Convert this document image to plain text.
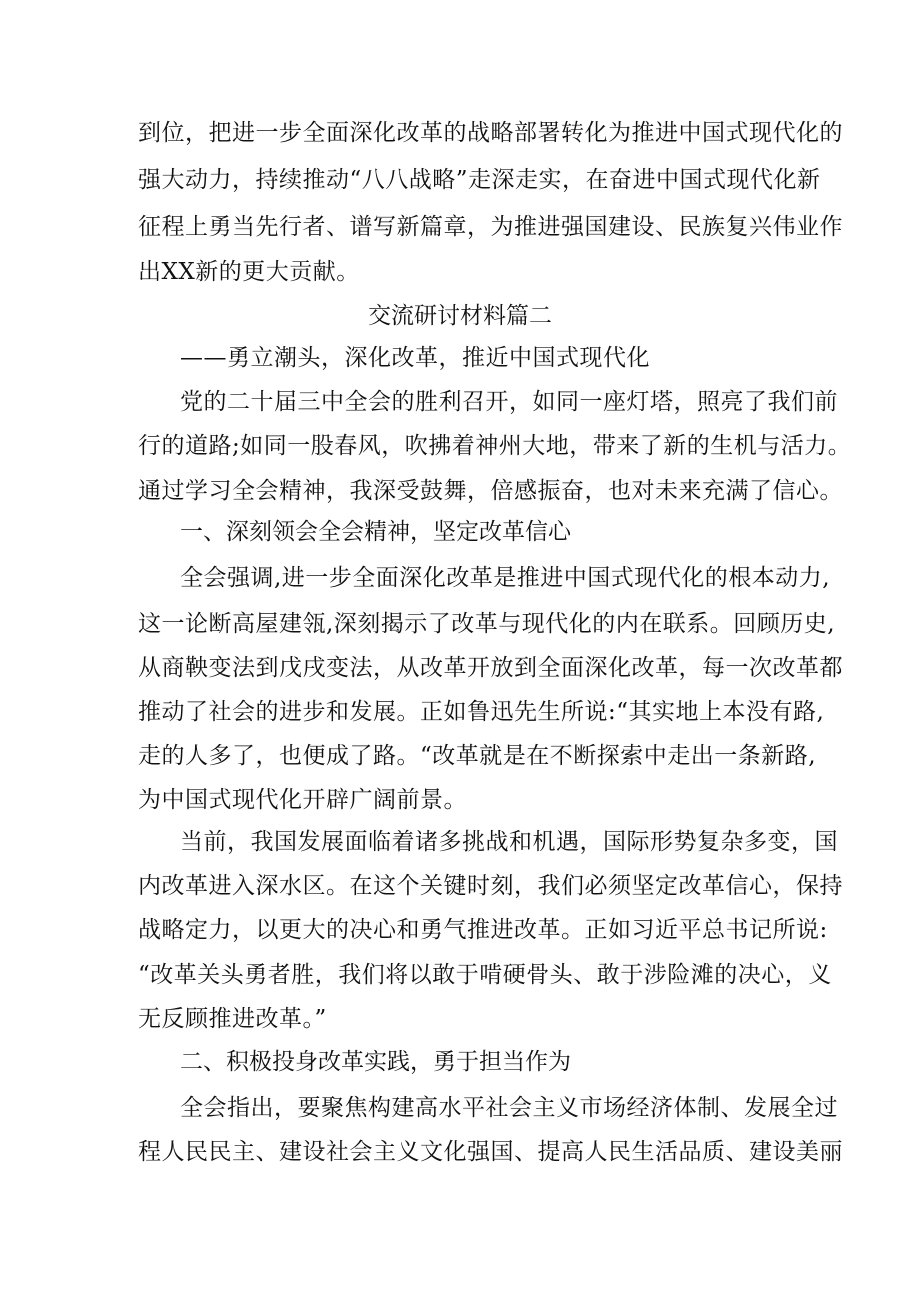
到位，把进一步全面深化改革的战略部署转化为推进中国式现代化的
强大动力，持续推动“八八战略”走深走实，在奋进中国式现代化新
征程上勇当先行者、谱写新篇章，为推进强国建设、民族复兴伟业作
出XX新的更大贡献。
交流研讨材料篇二
——勇立潮头，深化改革，推近中国式现代化
党的二十届三中全会的胜利召开，如同一座灯塔，照亮了我们前
行的道路;如同一股春风，吹拂着神州大地，带来了新的生机与活力。
通过学习全会精神，我深受鼓舞，倍感振奋，也对未来充满了信心。
一、深刻领会全会精神，坚定改革信心
全会强调,进一步全面深化改革是推进中国式现代化的根本动力,
这一论断高屋建瓴,深刻揭示了改革与现代化的内在联系。回顾历史,
从商鞅变法到戊戌变法，从改革开放到全面深化改革，每一次改革都
推动了社会的进步和发展。正如鲁迅先生所说:“其实地上本没有路,
走的人多了，也便成了路。“改革就是在不断探索中走出一条新路,
为中国式现代化开辟广阔前景。
当前，我国发展面临着诸多挑战和机遇，国际形势复杂多变，国
内改革进入深水区。在这个关键时刻，我们必须坚定改革信心，保持
战略定力，以更大的决心和勇气推进改革。正如习近平总书记所说:
“改革关头勇者胜，我们将以敢于啃硬骨头、敢于涉险滩的决心，义
无反顾推进改革。”
二、积极投身改革实践，勇于担当作为
全会指出，要聚焦构建高水平社会主义市场经济体制、发展全过
程人民民主、建设社会主义文化强国、提高人民生活品质、建设美丽
